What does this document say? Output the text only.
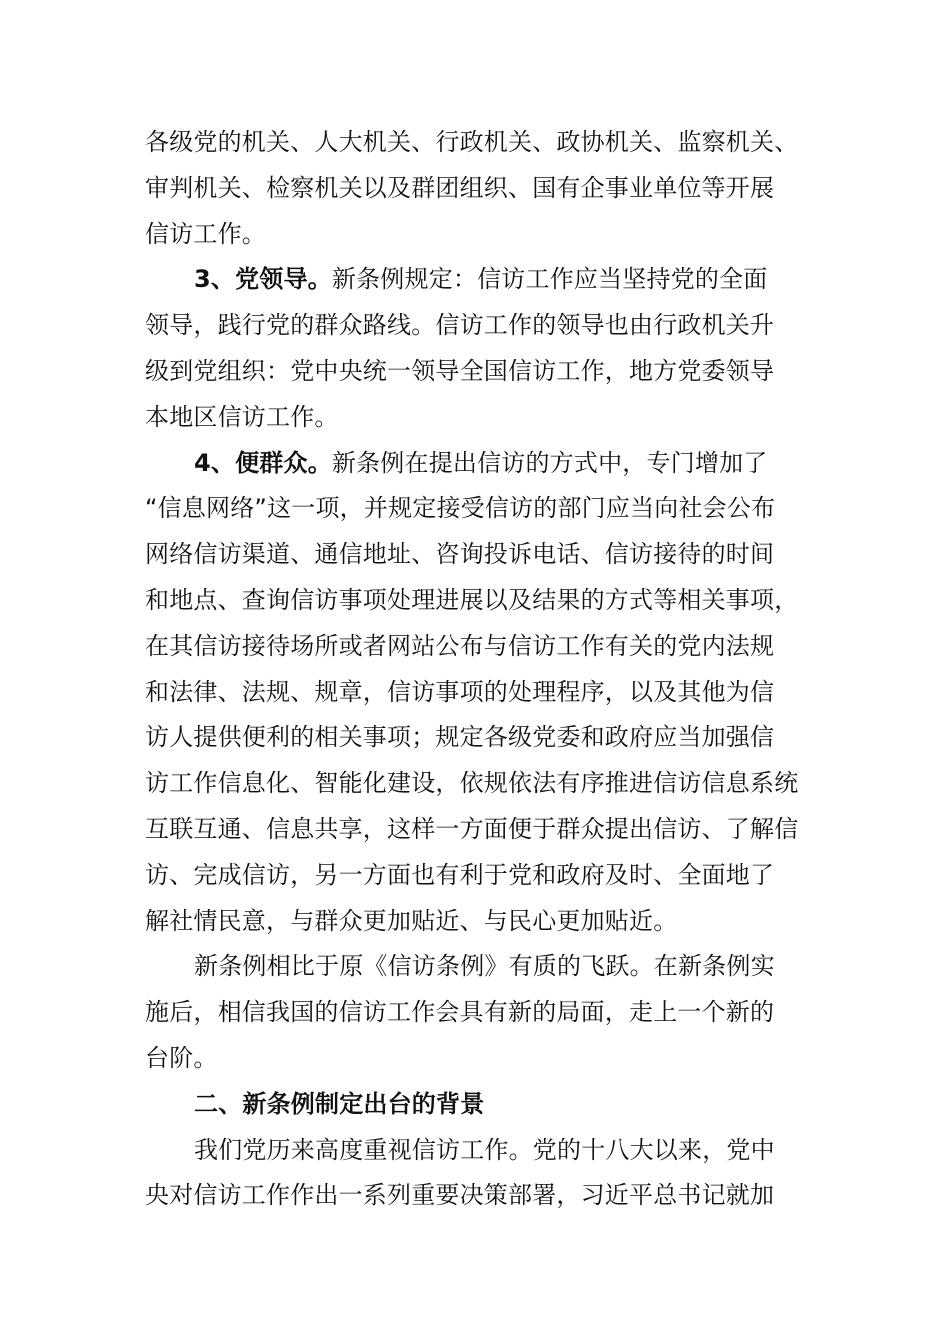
各级党的机关、人大机关、行政机关、政协机关、监察机关、
审判机关、检察机关以及群团组织、国有企事业单位等开展
信访工作。

3、党领导。新条例规定：信访工作应当坚持党的全面
领导，践行党的群众路线。信访工作的领导也由行政机关升
级到党组织：党中央统一领导全国信访工作，地方党委领导
本地区信访工作。

4、便群众。新条例在提出信访的方式中，专门增加了
“信息网络”这一项，并规定接受信访的部门应当向社会公布
网络信访渠道、通信地址、咨询投诉电话、信访接待的时间
和地点、查询信访事项处理进展以及结果的方式等相关事项，
在其信访接待场所或者网站公布与信访工作有关的党内法规
和法律、法规、规章，信访事项的处理程序，以及其他为信
访人提供便利的相关事项；规定各级党委和政府应当加强信
访工作信息化、智能化建设，依规依法有序推进信访信息系统
互联互通、信息共享，这样一方面便于群众提出信访、了解信
访、完成信访，另一方面也有利于党和政府及时、全面地了
解社情民意，与群众更加贴近、与民心更加贴近。

新条例相比于原《信访条例》有质的飞跃。在新条例实
施后，相信我国的信访工作会具有新的局面，走上一个新的
台阶。

二、新条例制定出台的背景

我们党历来高度重视信访工作。党的十八大以来，党中
央对信访工作作出一系列重要决策部署，习近平总书记就加
